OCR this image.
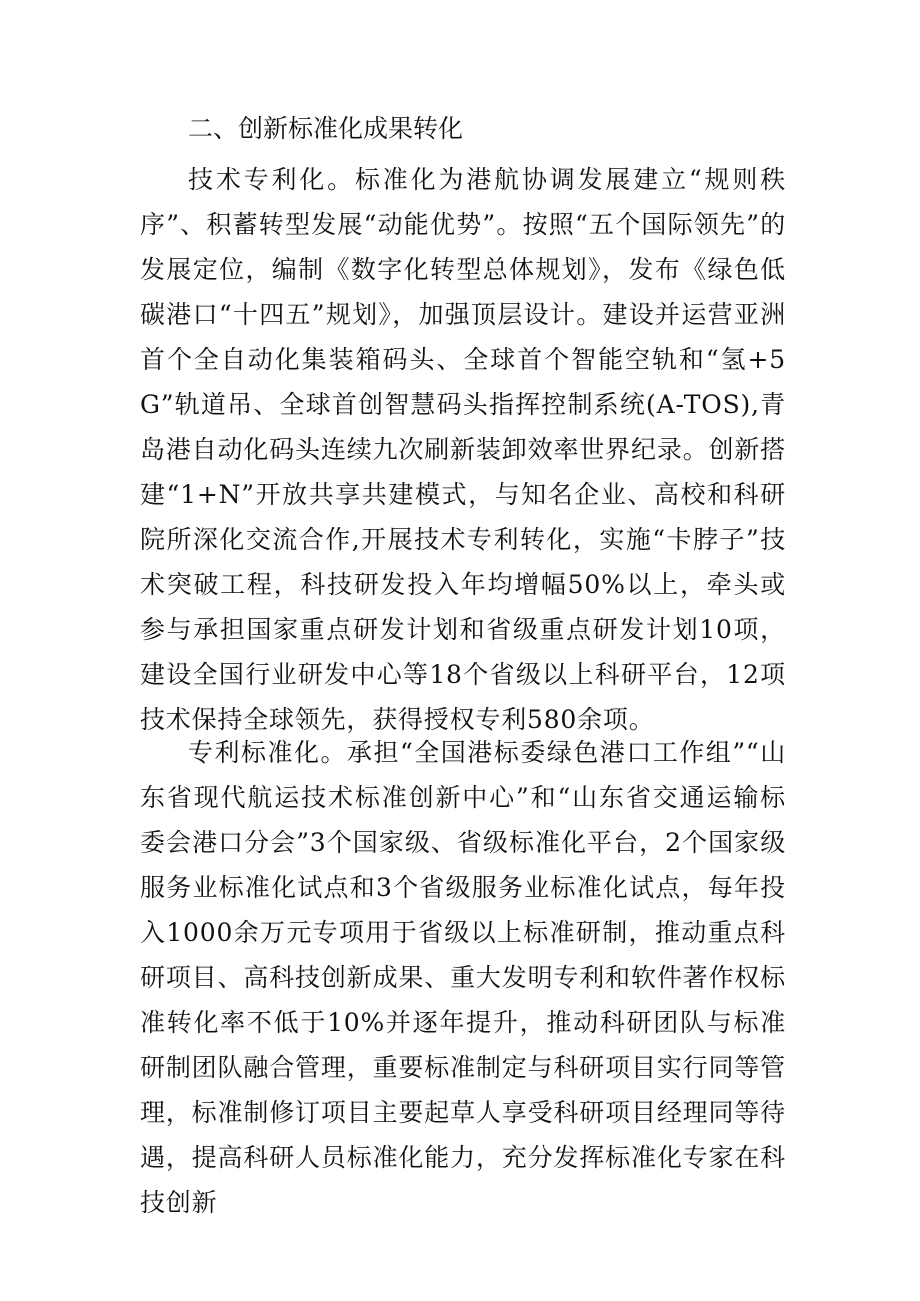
二、创新标准化成果转化

技术专利化。标准化为港航协调发展建立“规则秩序”、积蓄转型发展“动能优势”。按照“五个国际领先”的发展定位，编制《数字化转型总体规划》，发布《绿色低碳港口“十四五”规划》，加强顶层设计。建设并运营亚洲首个全自动化集装箱码头、全球首个智能空轨和“氢+5G”轨道吊、全球首创智慧码头指挥控制系统(A-TOS),青岛港自动化码头连续九次刷新装卸效率世界纪录。创新搭建“1+N”开放共享共建模式，与知名企业、高校和科研院所深化交流合作,开展技术专利转化，实施“卡脖子”技术突破工程，科技研发投入年均增幅50%以上，牵头或参与承担国家重点研发计划和省级重点研发计划10项，建设全国行业研发中心等18个省级以上科研平台，12项技术保持全球领先，获得授权专利580余项。

专利标准化。承担“全国港标委绿色港口工作组”“山东省现代航运技术标准创新中心”和“山东省交通运输标委会港口分会”3个国家级、省级标准化平台，2个国家级服务业标准化试点和3个省级服务业标准化试点，每年投入1000余万元专项用于省级以上标准研制，推动重点科研项目、高科技创新成果、重大发明专利和软件著作权标准转化率不低于10%并逐年提升，推动科研团队与标准研制团队融合管理，重要标准制定与科研项目实行同等管理，标准制修订项目主要起草人享受科研项目经理同等待遇，提高科研人员标准化能力，充分发挥标准化专家在科技创新
